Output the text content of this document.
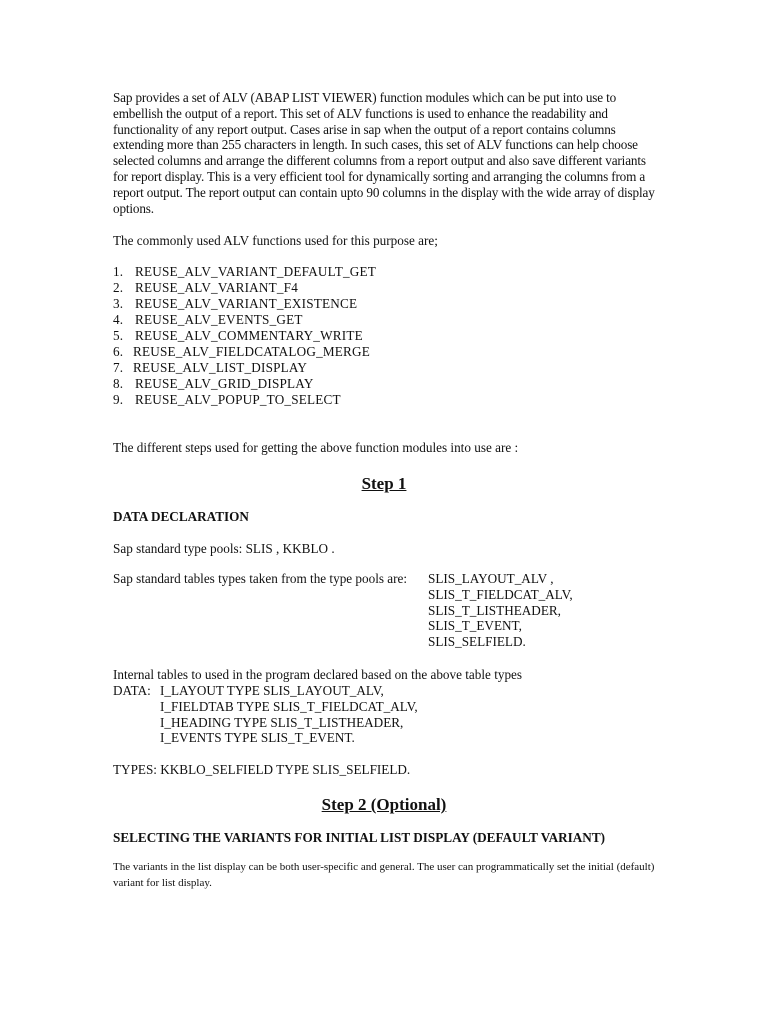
Sap provides a set of ALV (ABAP LIST VIEWER) function modules which can be put into use to embellish the output of a report. This set of ALV functions is used to enhance the readability and functionality of any report output. Cases arise in sap when the output of a report contains columns extending more than 255 characters in length. In such cases, this set of ALV functions can help choose selected columns and arrange the different columns from a report output and also save different variants for report display. This is a very efficient tool for dynamically sorting and arranging the columns from a report output. The report output can contain upto 90 columns in the display with the wide array of display options.

The commonly used ALV functions used for this purpose are;

1. REUSE_ALV_VARIANT_DEFAULT_GET
2. REUSE_ALV_VARIANT_F4
3. REUSE_ALV_VARIANT_EXISTENCE
4. REUSE_ALV_EVENTS_GET
5. REUSE_ALV_COMMENTARY_WRITE
6. REUSE_ALV_FIELDCATALOG_MERGE
7. REUSE_ALV_LIST_DISPLAY
8. REUSE_ALV_GRID_DISPLAY
9. REUSE_ALV_POPUP_TO_SELECT

The different steps used for getting the above function modules into use are :

Step 1

DATA DECLARATION

Sap standard type pools: SLIS , KKBLO .

Sap standard tables types taken from the type pools are: SLIS_LAYOUT_ALV ,
SLIS_T_FIELDCAT_ALV,
SLIS_T_LISTHEADER,
SLIS_T_EVENT,
SLIS_SELFIELD.

Internal tables to used in the program declared based on the above table types

DATA: I_LAYOUT TYPE SLIS_LAYOUT_ALV,
I_FIELDTAB TYPE SLIS_T_FIELDCAT_ALV,
I_HEADING TYPE SLIS_T_LISTHEADER,
I_EVENTS TYPE SLIS_T_EVENT.

TYPES: KKBLO_SELFIELD TYPE SLIS_SELFIELD.

Step 2 (Optional)

SELECTING THE VARIANTS FOR INITIAL LIST DISPLAY (DEFAULT VARIANT)

The variants in the list display can be both user-specific and general. The user can programmatically set the initial (default) variant for list display.
